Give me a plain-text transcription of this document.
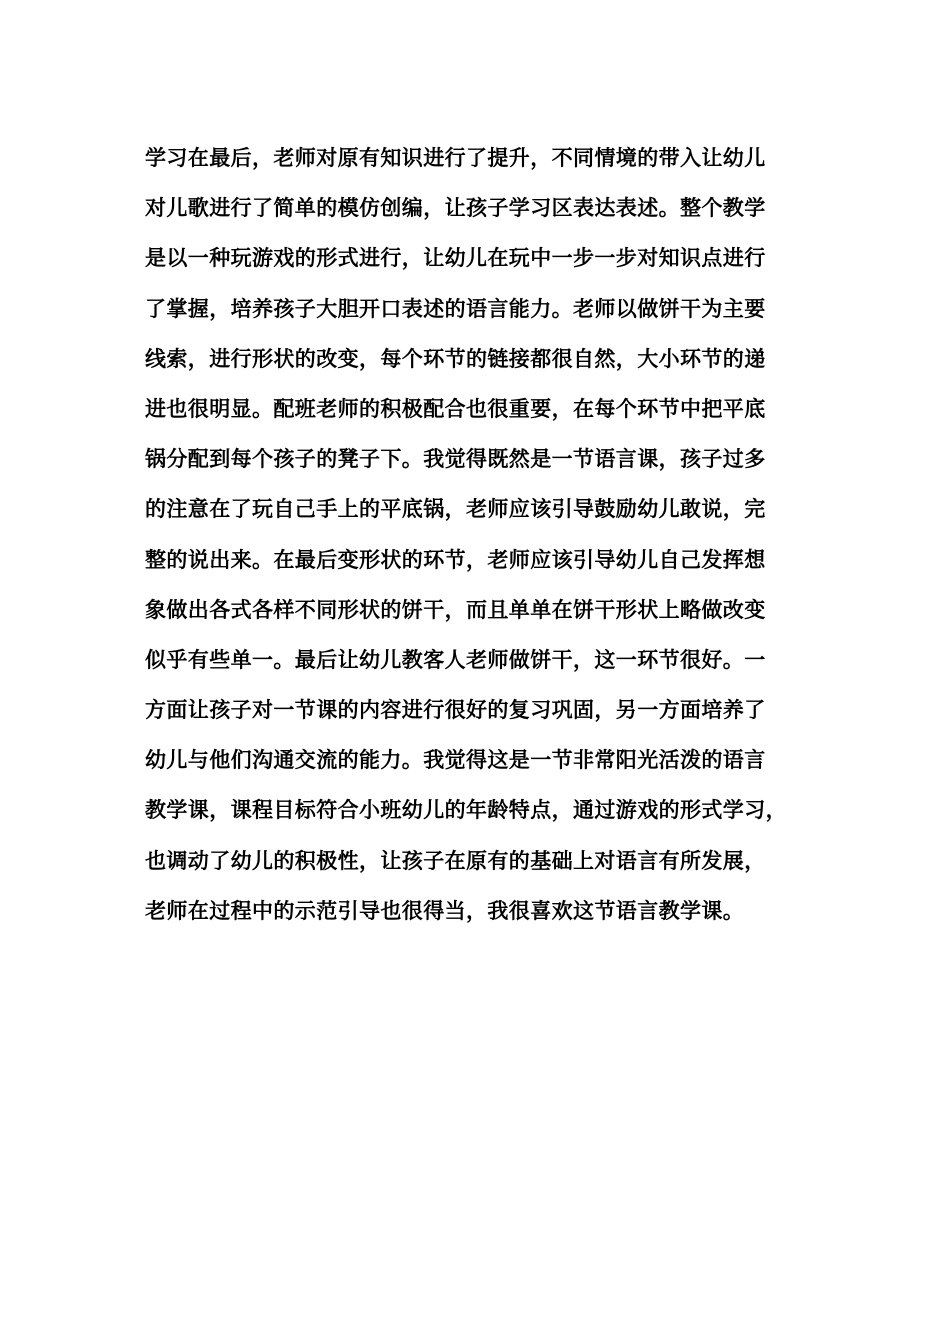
学习在最后，老师对原有知识进行了提升，不同情境的带入让幼儿
对儿歌进行了简单的模仿创编，让孩子学习区表达表述。整个教学
是以一种玩游戏的形式进行，让幼儿在玩中一步一步对知识点进行
了掌握，培养孩子大胆开口表述的语言能力。老师以做饼干为主要
线索，进行形状的改变，每个环节的链接都很自然，大小环节的递
进也很明显。配班老师的积极配合也很重要，在每个环节中把平底
锅分配到每个孩子的凳子下。我觉得既然是一节语言课，孩子过多
的注意在了玩自己手上的平底锅，老师应该引导鼓励幼儿敢说，完
整的说出来。在最后变形状的环节，老师应该引导幼儿自己发挥想
象做出各式各样不同形状的饼干，而且单单在饼干形状上略做改变
似乎有些单一。最后让幼儿教客人老师做饼干，这一环节很好。一
方面让孩子对一节课的内容进行很好的复习巩固，另一方面培养了
幼儿与他们沟通交流的能力。我觉得这是一节非常阳光活泼的语言
教学课，课程目标符合小班幼儿的年龄特点，通过游戏的形式学习，
也调动了幼儿的积极性，让孩子在原有的基础上对语言有所发展，
老师在过程中的示范引导也很得当，我很喜欢这节语言教学课。
